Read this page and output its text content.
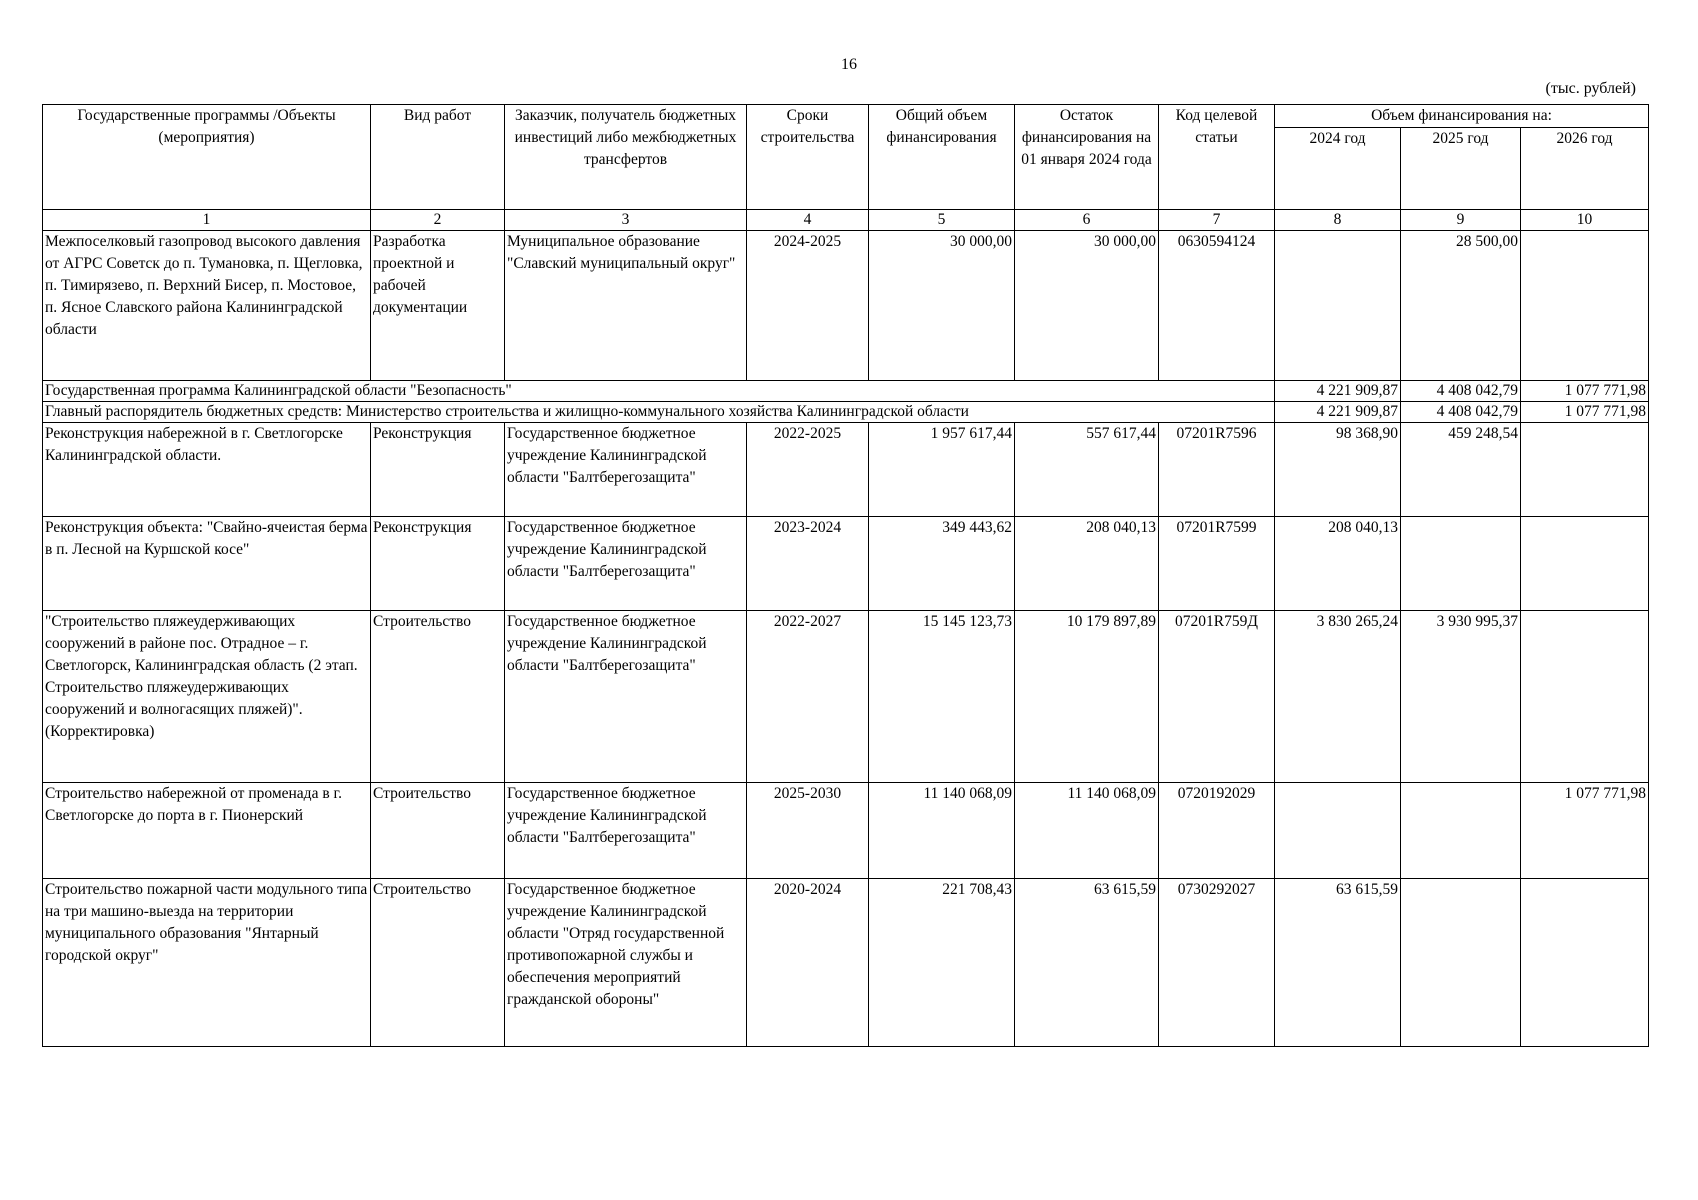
16
(тыс. рублей)
Государственные программы /Объекты (мероприятия)	Вид работ	Заказчик, получатель бюджетных инвестиций либо межбюджетных трансфертов	Сроки строительства	Общий объем финансирования	Остаток финансирования на 01 января 2024 года	Код целевой статьи	Объем финансирования на:		
							2024 год	2025 год	2026 год
1	2	3	4	5	6	7	8	9	10
Межпоселковый газопровод высокого давления от АГРС Советск до п. Тумановка, п. Щегловка, п. Тимирязево, п. Верхний Бисер, п. Мостовое, п. Ясное Славского района Калининградской области	Разработка проектной и рабочей документации	Муниципальное образование "Славский муниципальный округ"	2024-2025	30 000,00	30 000,00	0630594124		28 500,00	
Государственная программа Калининградской области "Безопасность"							4 221 909,87	4 408 042,79	1 077 771,98
Главный распорядитель бюджетных средств: Министерство строительства и жилищно-коммунального хозяйства Калининградской области							4 221 909,87	4 408 042,79	1 077 771,98
Реконструкция набережной в г. Светлогорске Калининградской области.	Реконструкция	Государственное бюджетное учреждение Калининградской области "Балтберегозащита"	2022-2025	1 957 617,44	557 617,44	07201R7596	98 368,90	459 248,54	
Реконструкция объекта: "Свайно-ячеистая берма в п. Лесной на Куршской косе"	Реконструкция	Государственное бюджетное учреждение Калининградской области "Балтберегозащита"	2023-2024	349 443,62	208 040,13	07201R7599	208 040,13		
"Строительство пляжеудерживающих сооружений в районе пос. Отрадное – г. Светлогорск, Калининградская область (2 этап. Строительство пляжеудерживающих сооружений и волногасящих пляжей)". (Корректировка)	Строительство	Государственное бюджетное учреждение Калининградской области "Балтберегозащита"	2022-2027	15 145 123,73	10 179 897,89	07201R759Д	3 830 265,24	3 930 995,37	
Строительство набережной от променада в г. Светлогорске до порта в г. Пионерский	Строительство	Государственное бюджетное учреждение Калининградской области "Балтберегозащита"	2025-2030	11 140 068,09	11 140 068,09	0720192029			1 077 771,98
Строительство пожарной части модульного типа на три машино-выезда на территории муниципального образования "Янтарный городской округ"	Строительство	Государственное бюджетное учреждение Калининградской области "Отряд государственной противопожарной службы и обеспечения мероприятий гражданской обороны"	2020-2024	221 708,43	63 615,59	0730292027	63 615,59		
